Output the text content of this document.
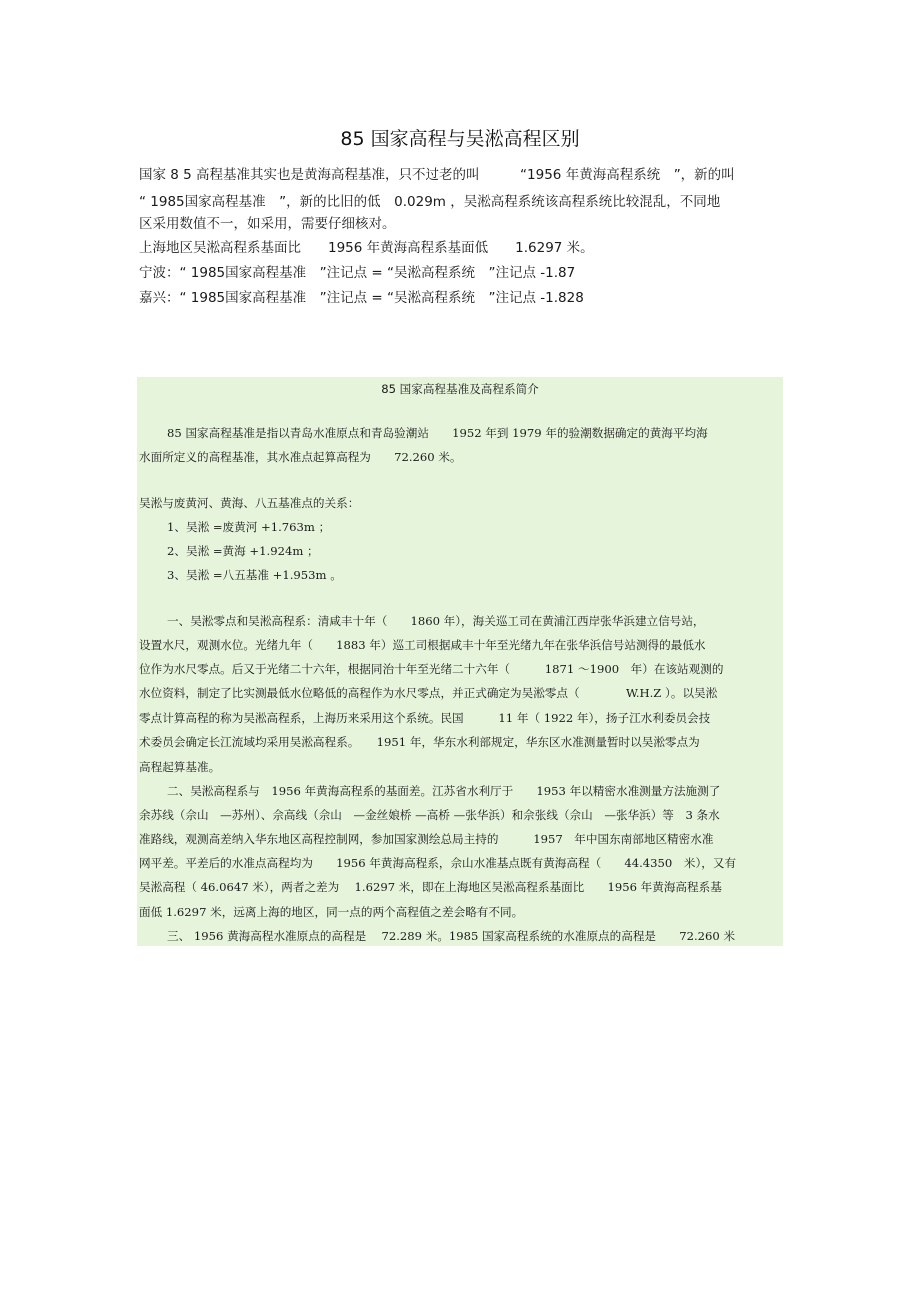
85 国家高程与吴淞高程区别
国家 8 5 高程基准其实也是黄海高程基准，只不过老的叫　　　“1956 年黄海高程系统　”，新的叫
“ 1985国家高程基准　”，新的比旧的低　0.029m ，吴淞高程系统该高程系统比较混乱，不同地
区采用数值不一，如采用，需要仔细核对。
上海地区吴淞高程系基面比　　1956 年黄海高程系基面低　　1.6297 米。
宁波：“ 1985国家高程基准　”注记点 = “吴淞高程系统　”注记点 -1.87
嘉兴：“ 1985国家高程基准　”注记点 = “吴淞高程系统　”注记点 -1.828
85 国家高程基准及高程系简介
85 国家高程基准是指以青岛水准原点和青岛验潮站　　1952 年到 1979 年的验潮数据确定的黄海平均海
水面所定义的高程基准，其水准点起算高程为　　72.260 米。
吴淞与废黄河、黄海、八五基准点的关系：
1、吴淞 =废黄河 +1.763m ；
2、吴淞 =黄海 +1.924m ；
3、吴淞 =八五基准 +1.953m 。
一、吴淞零点和吴淞高程系：清咸丰十年（　　1860 年），海关巡工司在黄浦江西岸张华浜建立信号站，
设置水尺，观测水位。光绪九年（　　1883 年）巡工司根据咸丰十年至光绪九年在张华浜信号站测得的最低水
位作为水尺零点。后又于光绪二十六年，根据同治十年至光绪二十六年（　　　1871 ～1900　年）在该站观测的
水位资料，制定了比实测最低水位略低的高程作为水尺零点，并正式确定为吴淞零点（　　　　W.H.Z ）。以吴淞
零点计算高程的称为吴淞高程系，上海历来采用这个系统。民国　　　11 年（ 1922 年），扬子江水利委员会技
术委员会确定长江流域均采用吴淞高程系。　　1951 年，华东水利部规定，华东区水准测量暂时以吴淞零点为
高程起算基准。
二、吴淞高程系与　1956 年黄海高程系的基面差。江苏省水利厅于　　1953 年以精密水准测量方法施测了
余苏线（佘山　—苏州）、佘高线（佘山　—金丝娘桥 —高桥 —张华浜）和佘张线（佘山　—张华浜）等　3 条水
准路线，观测高差纳入华东地区高程控制网，参加国家测绘总局主持的　　　1957　年中国东南部地区精密水准
网平差。平差后的水准点高程均为　　1956 年黄海高程系，佘山水准基点既有黄海高程（　　44.4350　米），又有
吴淞高程（ 46.0647 米），两者之差为　 1.6297 米，即在上海地区吴淞高程系基面比　　1956 年黄海高程系基
面低 1.6297 米，远离上海的地区，同一点的两个高程值之差会略有不同。
三、 1956 黄海高程水准原点的高程是　 72.289 米。1985 国家高程系统的水准原点的高程是　　72.260 米
